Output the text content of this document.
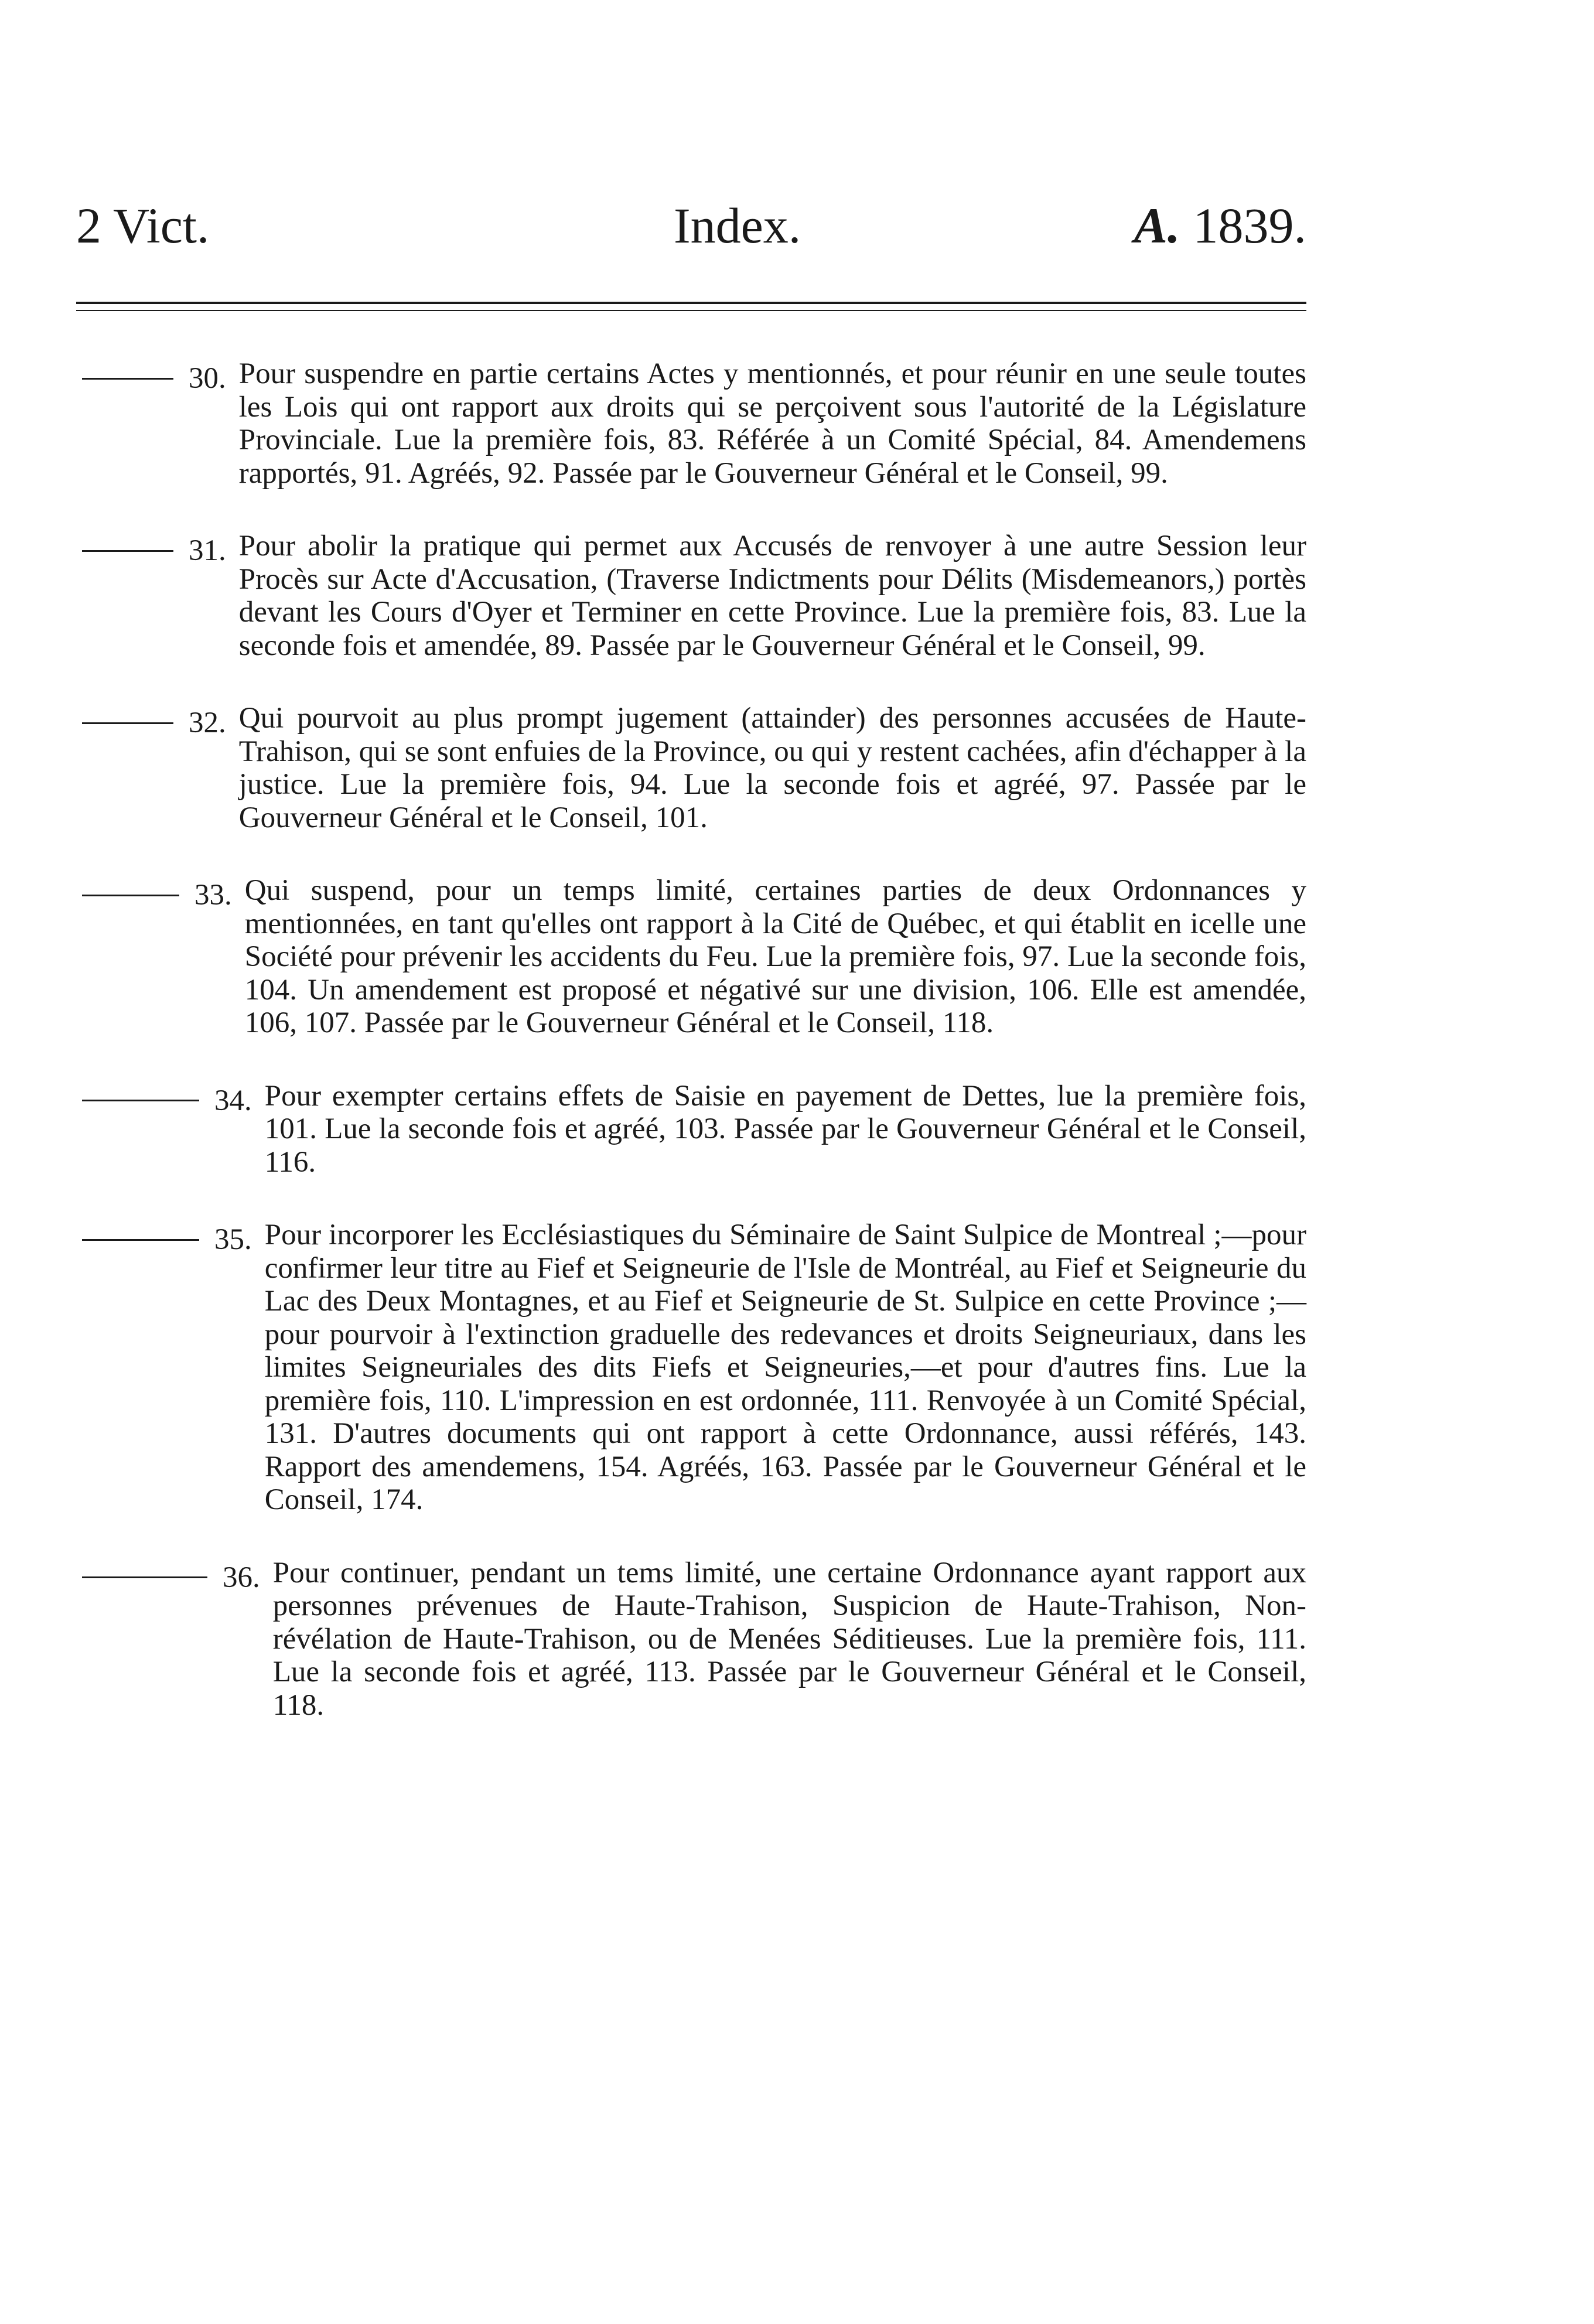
2 Vict.	Index.	A. 1839.
30. Pour suspendre en partie certains Actes y mentionnés, et pour réunir en une seule toutes les Lois qui ont rapport aux droits qui se perçoivent sous l'autorité de la Législature Provinciale. Lue la première fois, 83. Référée à un Comité Spécial, 84. Amendemens rapportés, 91. Agréés, 92. Passée par le Gouverneur Général et le Conseil, 99.
31. Pour abolir la pratique qui permet aux Accusés de renvoyer à une autre Session leur Procès sur Acte d'Accusation, (Traverse Indictments pour Délits (Misdemeanors,) portès devant les Cours d'Oyer et Terminer en cette Province. Lue la première fois, 83. Lue la seconde fois et amendée, 89. Passée par le Gouverneur Général et le Conseil, 99.
32. Qui pourvoit au plus prompt jugement (attainder) des personnes accusées de Haute-Trahison, qui se sont enfuies de la Province, ou qui y restent cachées, afin d'échapper à la justice. Lue la première fois, 94. Lue la seconde fois et agréé, 97. Passée par le Gouverneur Général et le Conseil, 101.
33. Qui suspend, pour un temps limité, certaines parties de deux Ordonnances y mentionnées, en tant qu'elles ont rapport à la Cité de Québec, et qui établit en icelle une Société pour prévenir les accidents du Feu. Lue la première fois, 97. Lue la seconde fois, 104. Un amendement est proposé et négativé sur une division, 106. Elle est amendée, 106, 107. Passée par le Gouverneur Général et le Conseil, 118.
34. Pour exempter certains effets de Saisie en payement de Dettes, lue la première fois, 101. Lue la seconde fois et agréé, 103. Passée par le Gouverneur Général et le Conseil, 116.
35. Pour incorporer les Ecclésiastiques du Séminaire de Saint Sulpice de Montreal ;—pour confirmer leur titre au Fief et Seigneurie de l'Isle de Montréal, au Fief et Seigneurie du Lac des Deux Montagnes, et au Fief et Seigneurie de St. Sulpice en cette Province ;—pour pourvoir à l'extinction graduelle des redevances et droits Seigneuriaux, dans les limites Seigneuriales des dits Fiefs et Seigneuries,—et pour d'autres fins. Lue la première fois, 110. L'impression en est ordonnée, 111. Renvoyée à un Comité Spécial, 131. D'autres documents qui ont rapport à cette Ordonnance, aussi référés, 143. Rapport des amendemens, 154. Agréés, 163. Passée par le Gouverneur Général et le Conseil, 174.
36. Pour continuer, pendant un tems limité, une certaine Ordonnance ayant rapport aux personnes prévenues de Haute-Trahison, Suspicion de Haute-Trahison, Non-révélation de Haute-Trahison, ou de Menées Séditieuses. Lue la première fois, 111. Lue la seconde fois et agréé, 113. Passée par le Gouverneur Général et le Conseil, 118.
